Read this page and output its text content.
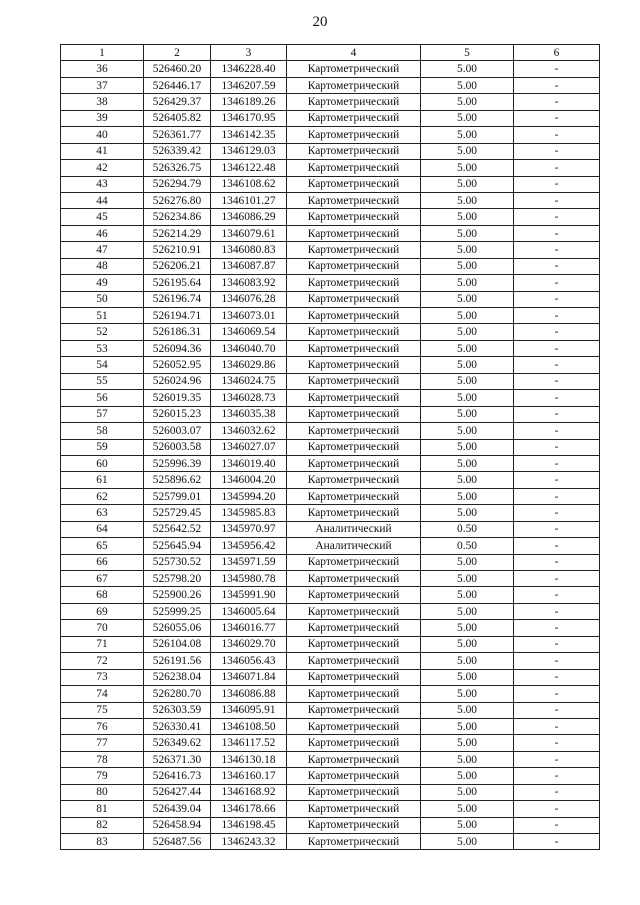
20
1	2	3	4	5	6
36	526460.20	1346228.40	Картометрический	5.00	-
37	526446.17	1346207.59	Картометрический	5.00	-
38	526429.37	1346189.26	Картометрический	5.00	-
39	526405.82	1346170.95	Картометрический	5.00	-
40	526361.77	1346142.35	Картометрический	5.00	-
41	526339.42	1346129.03	Картометрический	5.00	-
42	526326.75	1346122.48	Картометрический	5.00	-
43	526294.79	1346108.62	Картометрический	5.00	-
44	526276.80	1346101.27	Картометрический	5.00	-
45	526234.86	1346086.29	Картометрический	5.00	-
46	526214.29	1346079.61	Картометрический	5.00	-
47	526210.91	1346080.83	Картометрический	5.00	-
48	526206.21	1346087.87	Картометрический	5.00	-
49	526195.64	1346083.92	Картометрический	5.00	-
50	526196.74	1346076.28	Картометрический	5.00	-
51	526194.71	1346073.01	Картометрический	5.00	-
52	526186.31	1346069.54	Картометрический	5.00	-
53	526094.36	1346040.70	Картометрический	5.00	-
54	526052.95	1346029.86	Картометрический	5.00	-
55	526024.96	1346024.75	Картометрический	5.00	-
56	526019.35	1346028.73	Картометрический	5.00	-
57	526015.23	1346035.38	Картометрический	5.00	-
58	526003.07	1346032.62	Картометрический	5.00	-
59	526003.58	1346027.07	Картометрический	5.00	-
60	525996.39	1346019.40	Картометрический	5.00	-
61	525896.62	1346004.20	Картометрический	5.00	-
62	525799.01	1345994.20	Картометрический	5.00	-
63	525729.45	1345985.83	Картометрический	5.00	-
64	525642.52	1345970.97	Аналитический	0.50	-
65	525645.94	1345956.42	Аналитический	0.50	-
66	525730.52	1345971.59	Картометрический	5.00	-
67	525798.20	1345980.78	Картометрический	5.00	-
68	525900.26	1345991.90	Картометрический	5.00	-
69	525999.25	1346005.64	Картометрический	5.00	-
70	526055.06	1346016.77	Картометрический	5.00	-
71	526104.08	1346029.70	Картометрический	5.00	-
72	526191.56	1346056.43	Картометрический	5.00	-
73	526238.04	1346071.84	Картометрический	5.00	-
74	526280.70	1346086.88	Картометрический	5.00	-
75	526303.59	1346095.91	Картометрический	5.00	-
76	526330.41	1346108.50	Картометрический	5.00	-
77	526349.62	1346117.52	Картометрический	5.00	-
78	526371.30	1346130.18	Картометрический	5.00	-
79	526416.73	1346160.17	Картометрический	5.00	-
80	526427.44	1346168.92	Картометрический	5.00	-
81	526439.04	1346178.66	Картометрический	5.00	-
82	526458.94	1346198.45	Картометрический	5.00	-
83	526487.56	1346243.32	Картометрический	5.00	-
